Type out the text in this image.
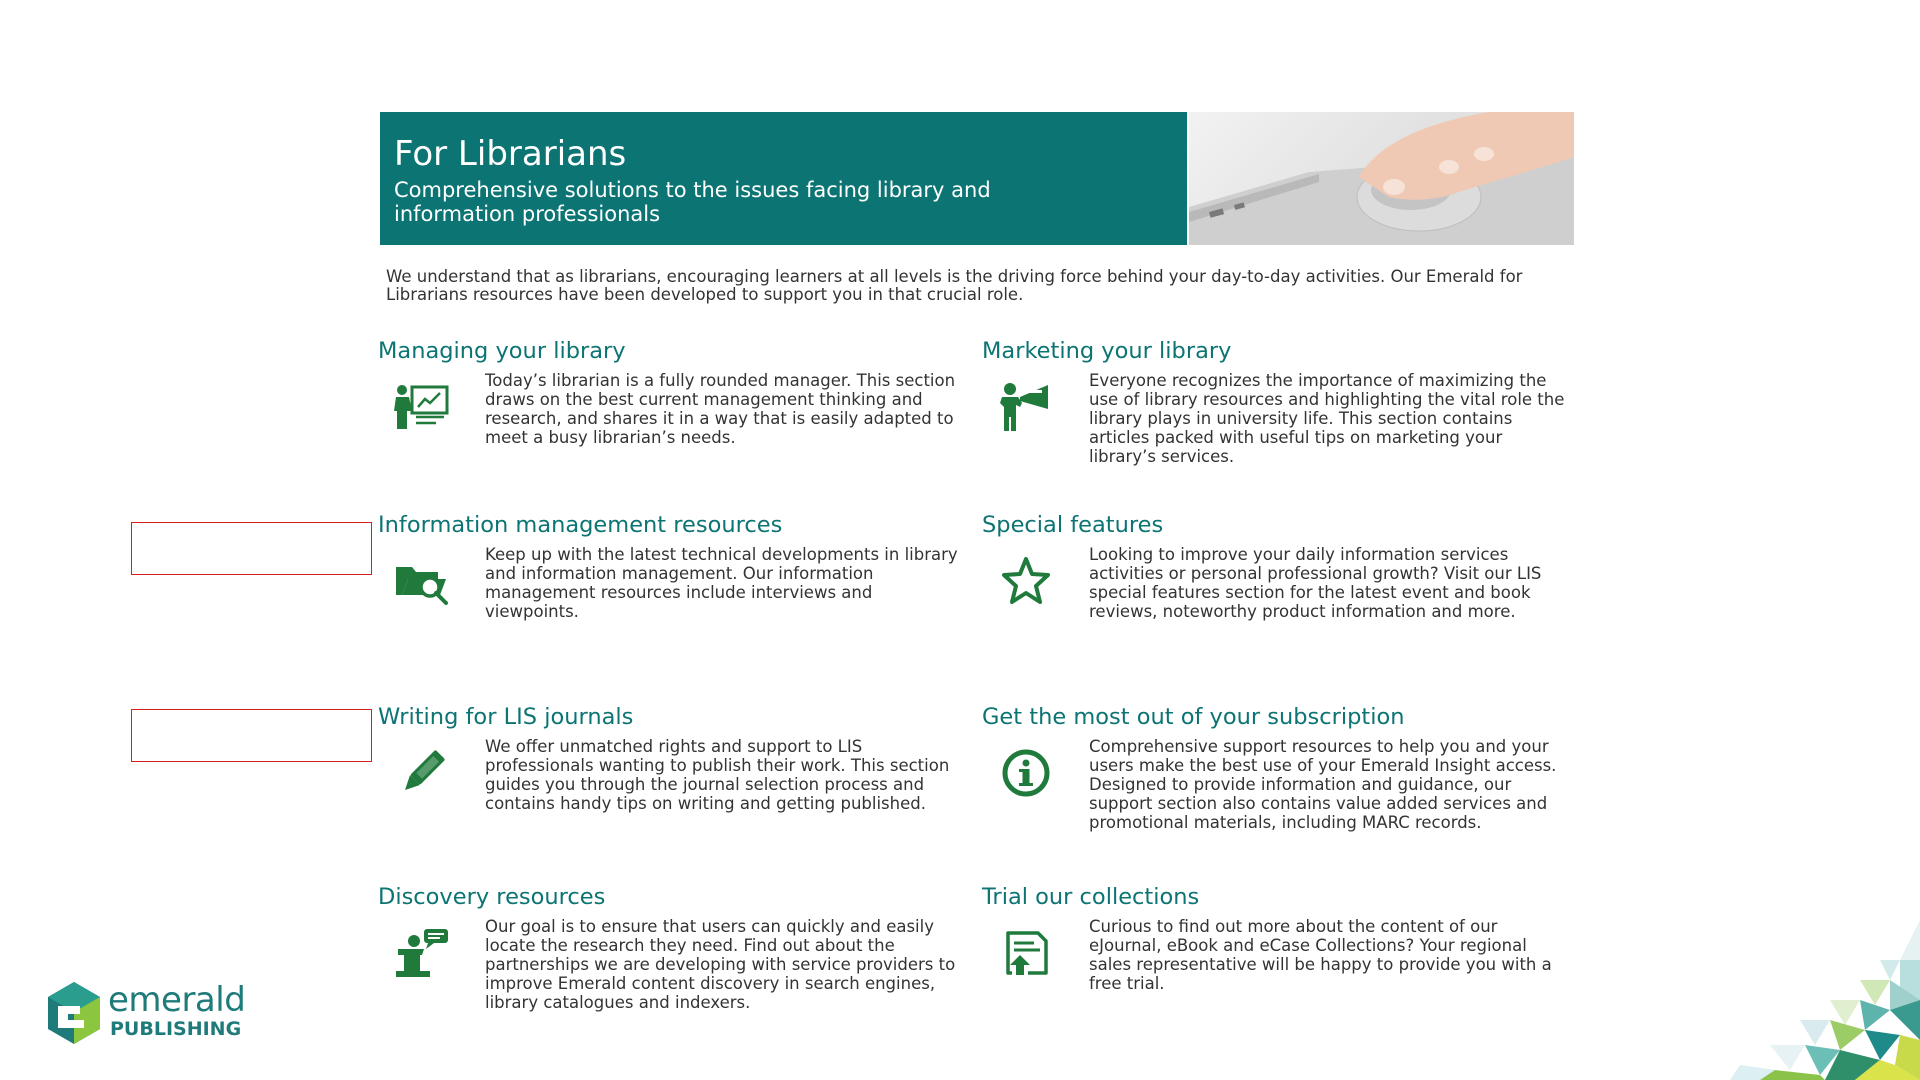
For Librarians
Comprehensive solutions to the issues facing library and information professionals
We understand that as librarians, encouraging learners at all levels is the driving force behind your day-to-day activities. Our Emerald for Librarians resources have been developed to support you in that crucial role.
Managing your library
Today’s librarian is a fully rounded manager. This section draws on the best current management thinking and research, and shares it in a way that is easily adapted to meet a busy librarian’s needs.
Marketing your library
Everyone recognizes the importance of maximizing the use of library resources and highlighting the vital role the library plays in university life. This section contains articles packed with useful tips on marketing your library’s services.
Information management resources
Keep up with the latest technical developments in library and information management. Our information management resources include interviews and viewpoints.
Special features
Looking to improve your daily information services activities or personal professional growth? Visit our LIS special features section for the latest event and book reviews, noteworthy product information and more.
Writing for LIS journals
We offer unmatched rights and support to LIS professionals wanting to publish their work. This section guides you through the journal selection process and contains handy tips on writing and getting published.
Get the most out of your subscription
Comprehensive support resources to help you and your users make the best use of your Emerald Insight access. Designed to provide information and guidance, our support section also contains value added services and promotional materials, including MARC records.
Discovery resources
Our goal is to ensure that users can quickly and easily locate the research they need. Find out about the partnerships we are developing with service providers to improve Emerald content discovery in search engines, library catalogues and indexers.
Trial our collections
Curious to find out more about the content of our eJournal, eBook and eCase Collections? Your regional sales representative will be happy to provide you with a free trial.
emerald
PUBLISHING
